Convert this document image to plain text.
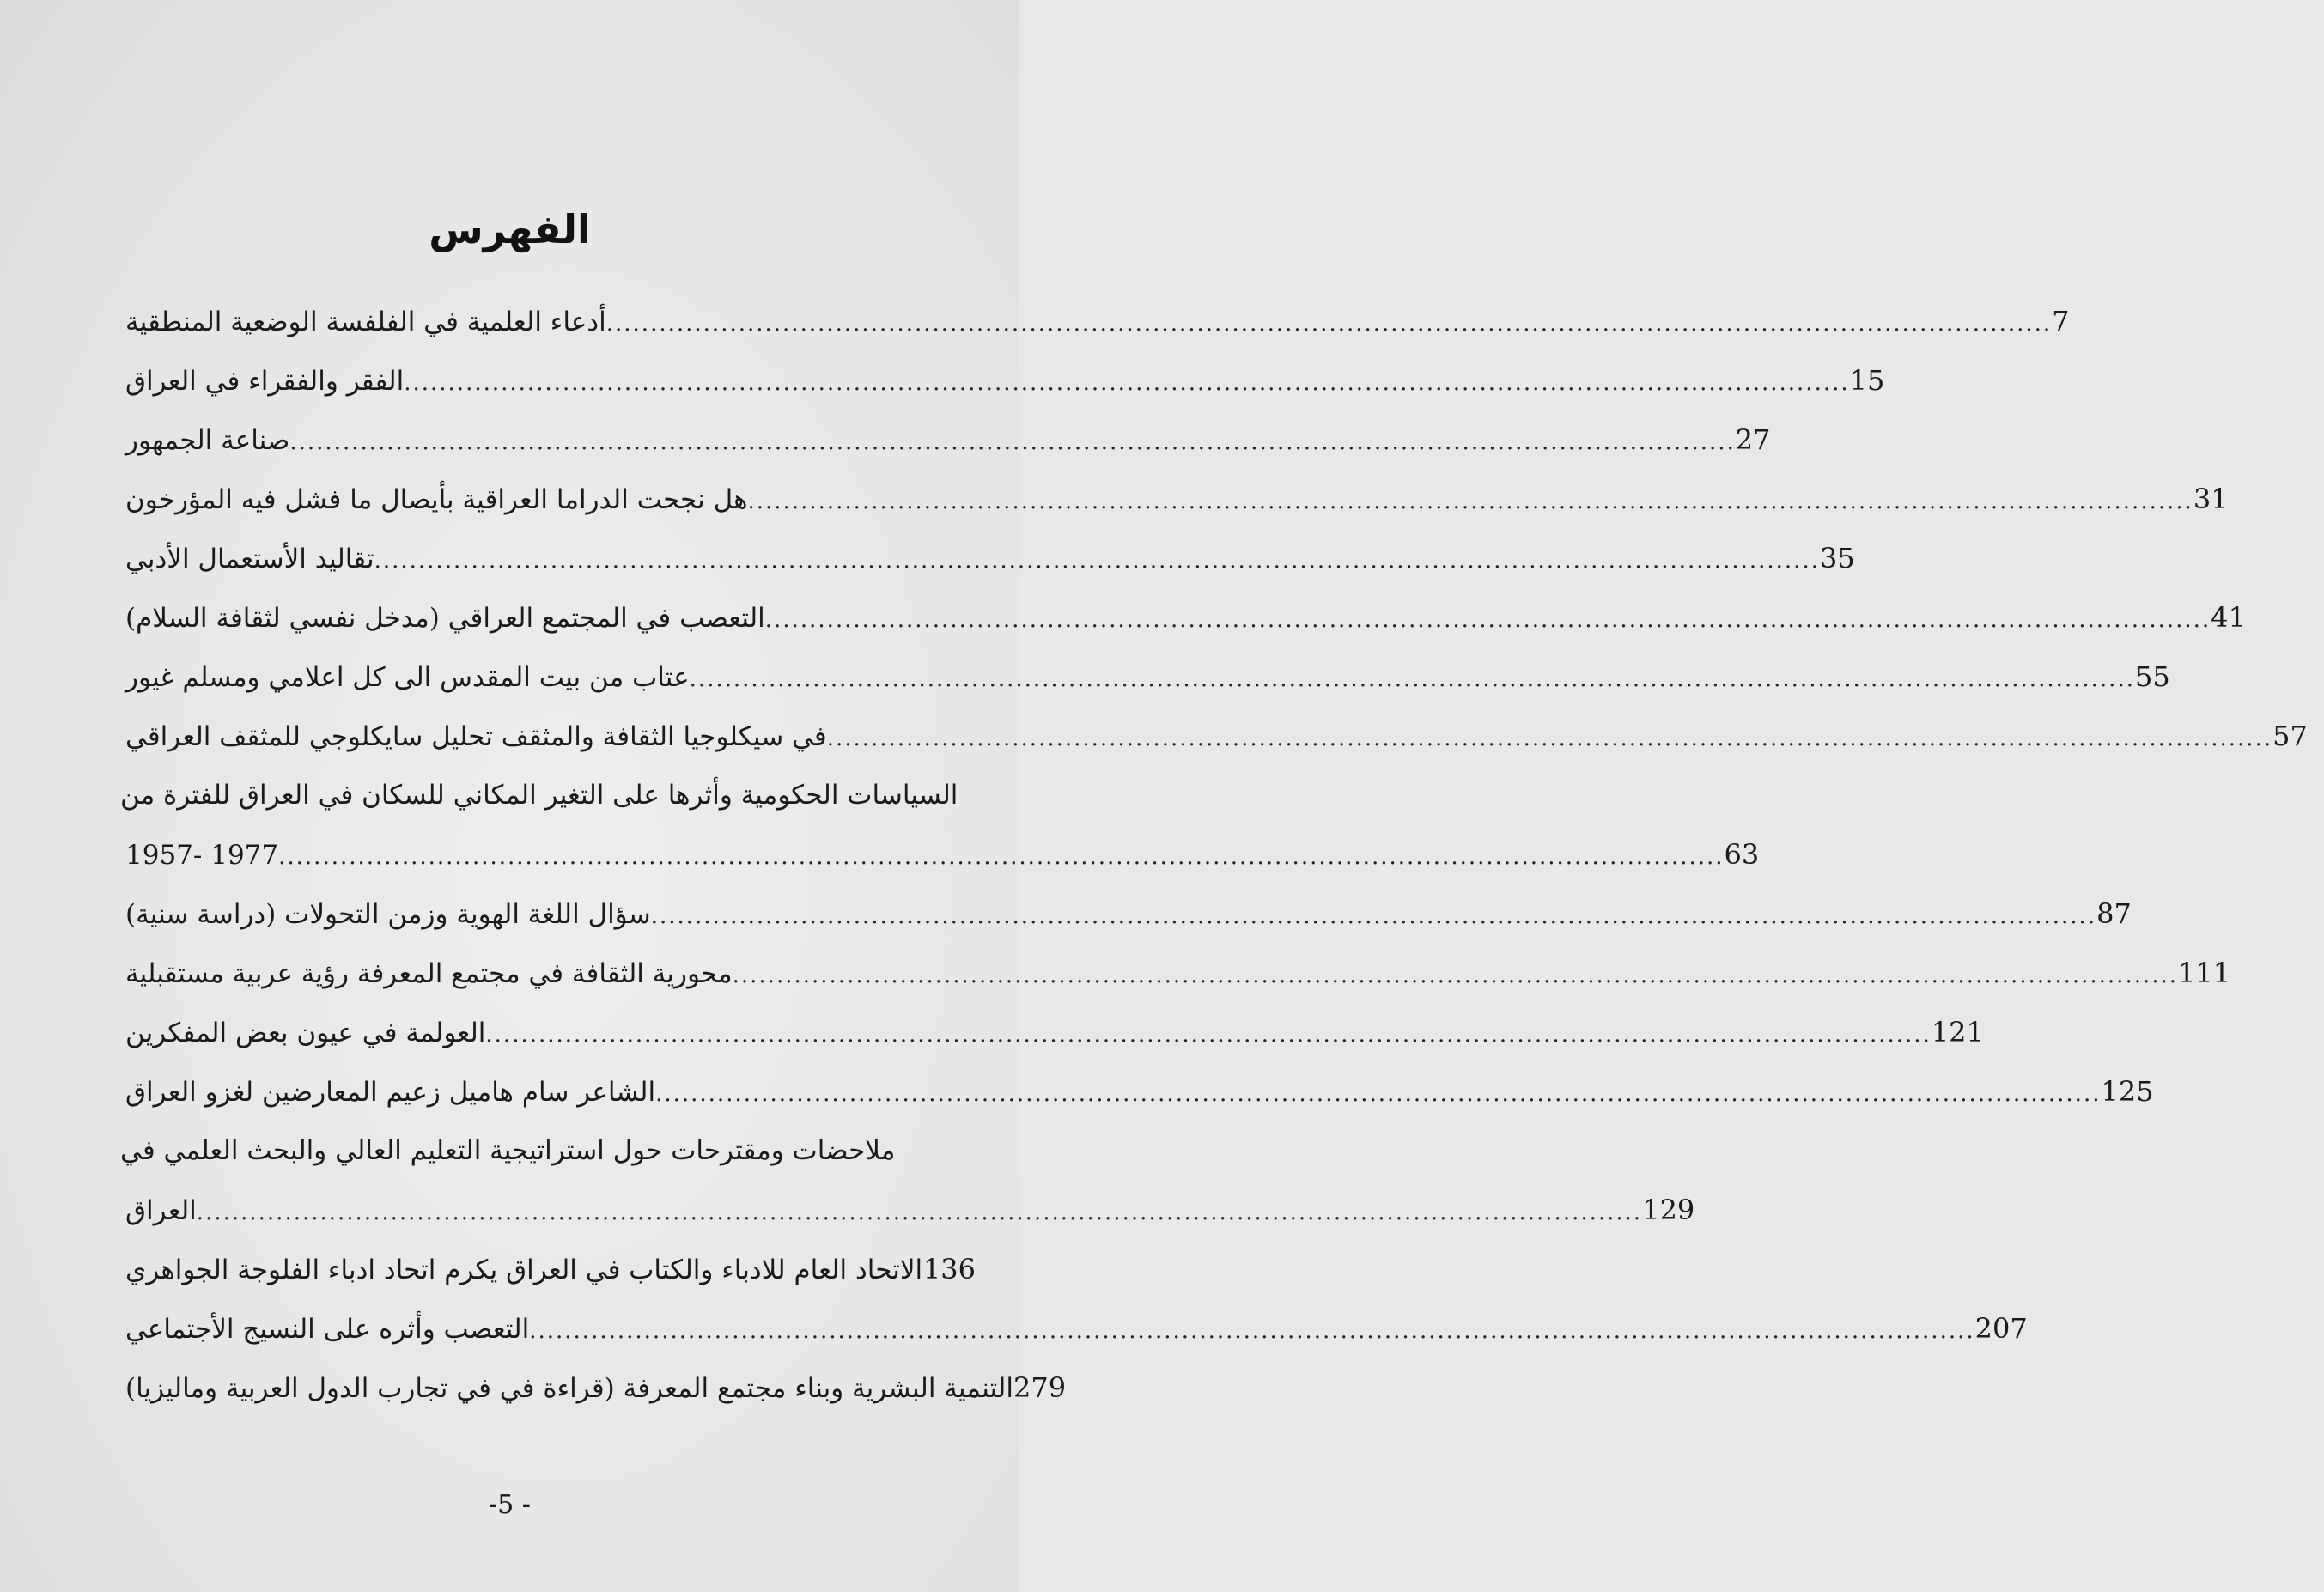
الفهرس
أدعاء العلمية في الفلفسة الوضعية المنطقية .................................................................................................................................................................... 7
الفقر والفقراء في العراق .................................................................................................................................................................... 15
صناعة الجمهور .................................................................................................................................................................... 27
هل نجحت الدراما العراقية بأيصال ما فشل فيه المؤرخون .................................................................................................................................................................... 31
تقاليد الأستعمال الأدبي .................................................................................................................................................................... 35
التعصب في المجتمع العراقي (مدخل نفسي لثقافة السلام) .................................................................................................................................................................... 41
عتاب من بيت المقدس الى كل اعلامي ومسلم غيور .................................................................................................................................................................... 55
في سيكلوجيا الثقافة والمثقف تحليل سايكلوجي للمثقف العراقي .................................................................................................................................................................... 57
السياسات الحكومية وأثرها على التغير المكاني للسكان في العراق للفترة من
1957- 1977 .................................................................................................................................................................... 63
سؤال اللغة الهوية وزمن التحولات (دراسة سنية) .................................................................................................................................................................... 87
محورية الثقافة في مجتمع المعرفة رؤية عربية مستقبلية .................................................................................................................................................................... 111
العولمة في عيون بعض المفكرين .................................................................................................................................................................... 121
الشاعر سام هاميل زعيم المعارضين لغزو العراق .................................................................................................................................................................... 125
ملاحضات ومقترحات حول استراتيجية التعليم العالي والبحث العلمي في
العراق .................................................................................................................................................................... 129
الاتحاد العام للادباء والكتاب في العراق يكرم اتحاد ادباء الفلوجة الجواهري 136
التعصب وأثره على النسيج الأجتماعي .................................................................................................................................................................... 207
التنمية البشرية وبناء مجتمع المعرفة (قراءة في في تجارب الدول العربية وماليزيا) 279
-5 -
